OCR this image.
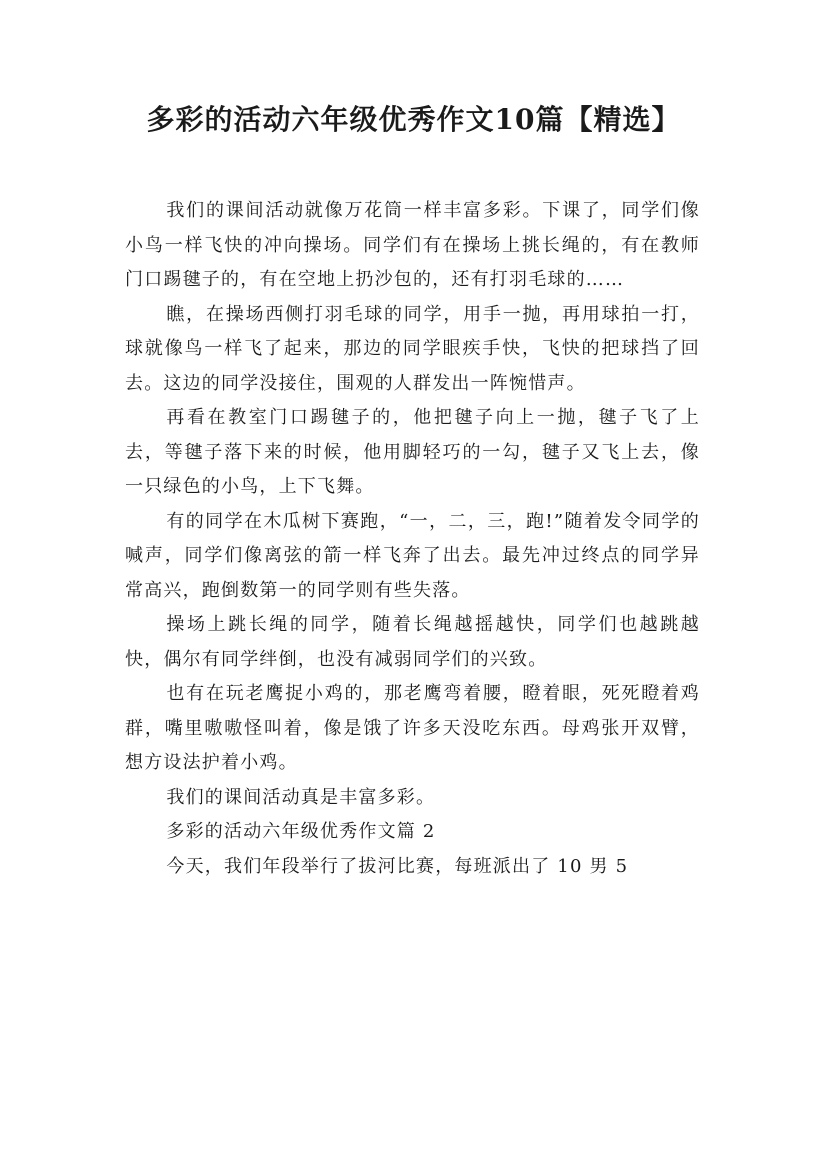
多彩的活动六年级优秀作文10篇【精选】

我们的课间活动就像万花筒一样丰富多彩。下课了，同学们像小鸟一样飞快的冲向操场。同学们有在操场上挑长绳的，有在教师门口踢毽子的，有在空地上扔沙包的，还有打羽毛球的……

瞧，在操场西侧打羽毛球的同学，用手一抛，再用球拍一打，球就像鸟一样飞了起来，那边的同学眼疾手快，飞快的把球挡了回去。这边的同学没接住，围观的人群发出一阵惋惜声。

再看在教室门口踢毽子的，他把毽子向上一抛，毽子飞了上去，等毽子落下来的时候，他用脚轻巧的一勾，毽子又飞上去，像一只绿色的小鸟，上下飞舞。

有的同学在木瓜树下赛跑，“一，二，三，跑!”随着发令同学的喊声，同学们像离弦的箭一样飞奔了出去。最先冲过终点的同学异常高兴，跑倒数第一的同学则有些失落。

操场上跳长绳的同学，随着长绳越摇越快，同学们也越跳越快，偶尔有同学绊倒，也没有减弱同学们的兴致。

也有在玩老鹰捉小鸡的，那老鹰弯着腰，瞪着眼，死死瞪着鸡群，嘴里嗷嗷怪叫着，像是饿了许多天没吃东西。母鸡张开双臂，想方设法护着小鸡。

我们的课间活动真是丰富多彩。

多彩的活动六年级优秀作文篇 2

今天，我们年段举行了拔河比赛，每班派出了 10 男 5
